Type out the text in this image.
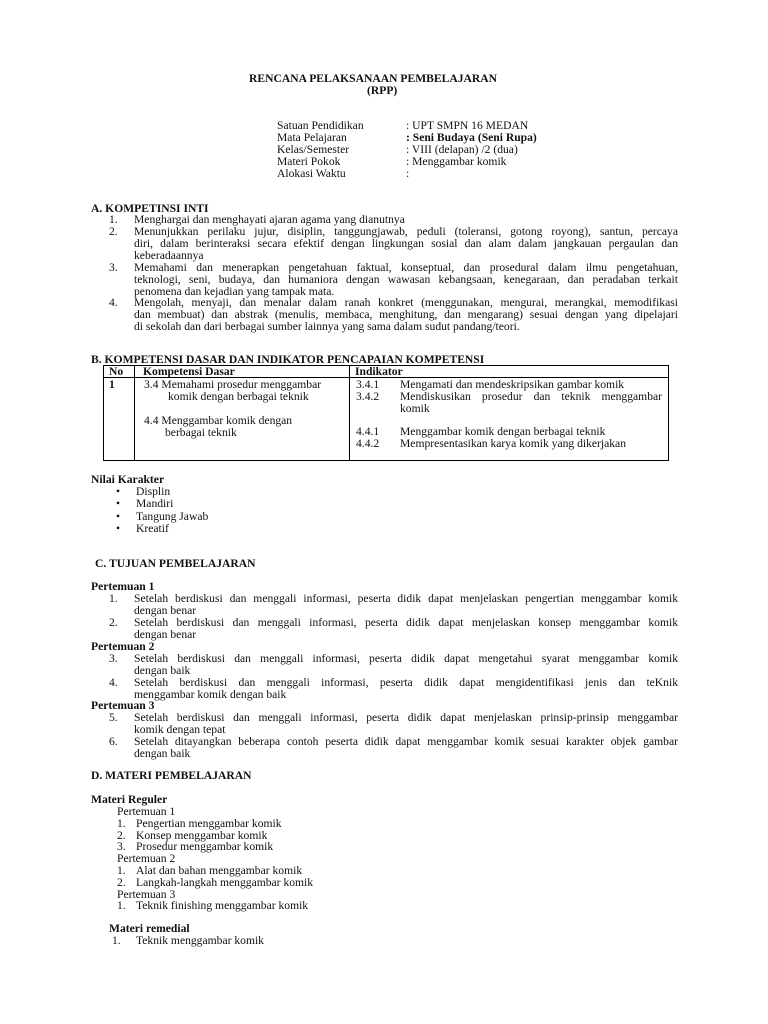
RENCANA PELAKSANAAN PEMBELAJARAN
(RPP)
Satuan Pendidikan	: UPT SMPN 16 MEDAN
Mata Pelajaran	: Seni Budaya (Seni Rupa)
Kelas/Semester	: VIII (delapan) /2 (dua)
Materi Pokok	: Menggambar komik
Alokasi Waktu	:
A. KOMPETINSI INTI
1. Menghargai dan menghayati ajaran agama yang dianutnya
2. Menunjukkan perilaku jujur, disiplin, tanggungjawab, peduli (toleransi, gotong royong), santun, percaya
diri, dalam berinteraksi secara efektif dengan lingkungan sosial dan alam dalam jangkauan pergaulan dan
keberadaannya
3. Memahami dan menerapkan pengetahuan faktual, konseptual, dan prosedural dalam ilmu pengetahuan,
teknologi, seni, budaya, dan humaniora dengan wawasan kebangsaan, kenegaraan, dan peradaban terkait
penomena dan kejadian yang tampak mata.
4. Mengolah, menyaji, dan menalar dalam ranah konkret (menggunakan, mengurai, merangkai, memodifikasi
dan membuat) dan abstrak (menulis, membaca, menghitung, dan mengarang) sesuai dengan yang dipelajari
di sekolah dan dari berbagai sumber lainnya yang sama dalam sudut pandang/teori.
B. KOMPETENSI DASAR DAN INDIKATOR PENCAPAIAN KOMPETENSI
No Kompetensi Dasar	Indikator
1	3.4 Memahami prosedur menggambar
komik dengan berbagai teknik
4.4 Menggambar komik dengan
berbagai teknik
3.4.1 Mengamati dan mendeskripsikan gambar komik
3.4.2 Mendiskusikan prosedur dan teknik menggambar
komik
4.4.1 Menggambar komik dengan berbagai teknik
4.4.2 Mempresentasikan karya komik yang dikerjakan
Nilai Karakter
• Displin
• Mandiri
• Tangung Jawab
• Kreatif
C. TUJUAN PEMBELAJARAN
Pertemuan 1
1. Setelah berdiskusi dan menggali informasi, peserta didik dapat menjelaskan pengertian menggambar komik
dengan benar
2. Setelah berdiskusi dan menggali informasi, peserta didik dapat menjelaskan konsep menggambar komik
dengan benar
Pertemuan 2
3. Setelah berdiskusi dan menggali informasi, peserta didik dapat mengetahui syarat menggambar komik
dengan baik
4. Setelah berdiskusi dan menggali informasi, peserta didik dapat mengidentifikasi jenis dan teKnik
menggambar komik dengan baik
Pertemuan 3
5. Setelah berdiskusi dan menggali informasi, peserta didik dapat menjelaskan prinsip-prinsip menggambar
komik dengan tepat
6. Setelah ditayangkan beberapa contoh peserta didik dapat menggambar komik sesuai karakter objek gambar
dengan baik
D. MATERI PEMBELAJARAN
Materi Reguler
Pertemuan 1
1. Pengertian menggambar komik
2. Konsep menggambar komik
3. Prosedur menggambar komik
Pertemuan 2
1. Alat dan bahan menggambar komik
2. Langkah-langkah menggambar komik
Pertemuan 3
1. Teknik finishing menggambar komik
Materi remedial
1. Teknik menggambar komik
